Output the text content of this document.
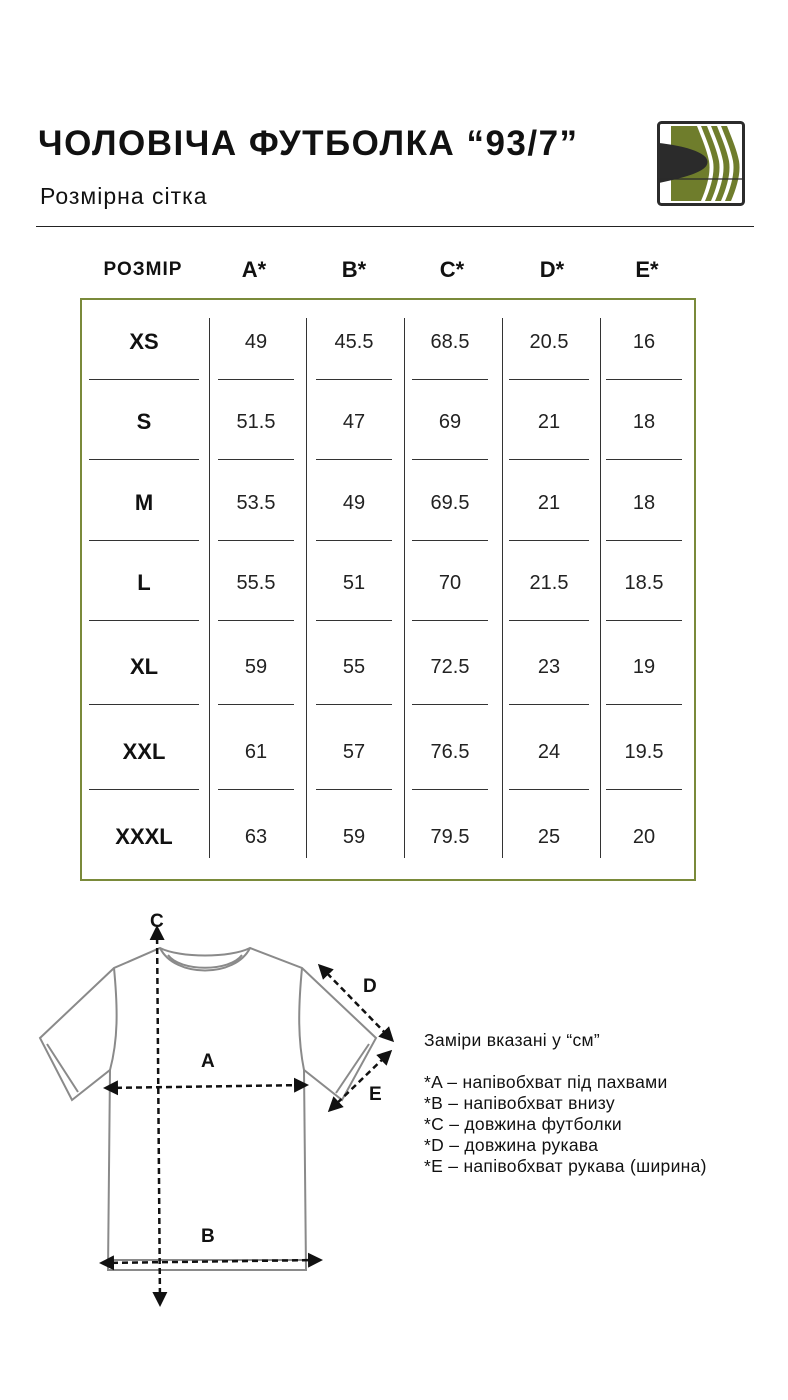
ЧОЛОВІЧА ФУТБОЛКА “93/7”
Розмірна сітка
РОЗМІР	A*	B*	C*	D*	E*
XS	49	45.5	68.5	20.5	16
S	51.5	47	69	21	18
M	53.5	49	69.5	21	18
L	55.5	51	70	21.5	18.5
XL	59	55	72.5	23	19
XXL	61	57	76.5	24	19.5
XXXL	63	59	79.5	25	20
C
A
B
D
E
Заміри вказані у “см”
*A – напівобхват під пахвами
*B – напівобхват внизу
*C – довжина футболки
*D – довжина рукава
*E – напівобхват рукава (ширина)
